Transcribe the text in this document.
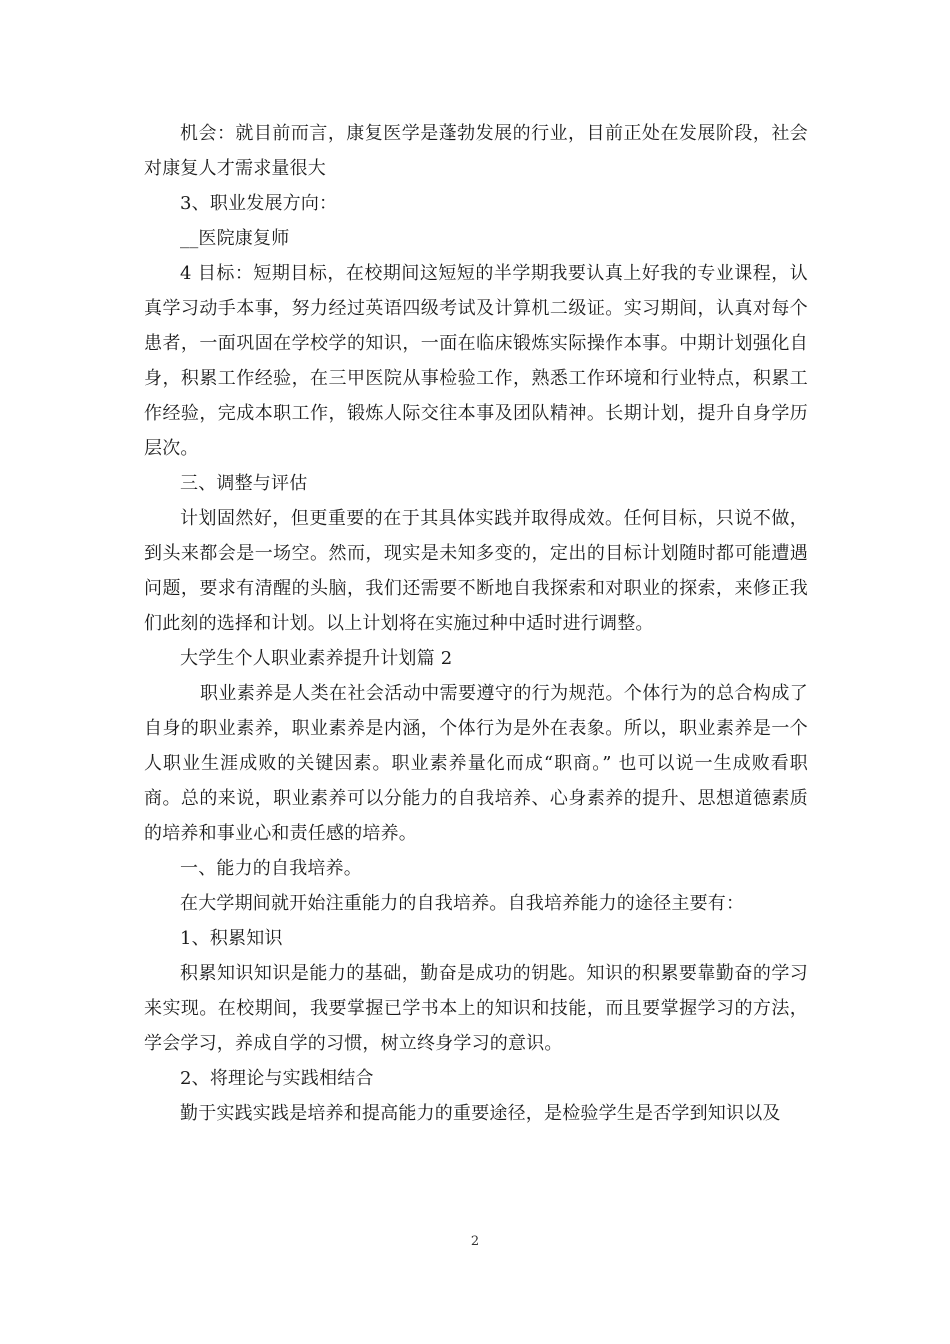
机会：就目前而言，康复医学是蓬勃发展的行业，目前正处在发展阶段，社会对康复人才需求量很大

3、职业发展方向：

__医院康复师

4 目标：短期目标，在校期间这短短的半学期我要认真上好我的专业课程，认真学习动手本事，努力经过英语四级考试及计算机二级证。实习期间，认真对每个患者，一面巩固在学校学的知识，一面在临床锻炼实际操作本事。中期计划强化自身，积累工作经验，在三甲医院从事检验工作，熟悉工作环境和行业特点，积累工作经验，完成本职工作，锻炼人际交往本事及团队精神。长期计划，提升自身学历层次。

三、调整与评估

计划固然好，但更重要的在于其具体实践并取得成效。任何目标，只说不做，到头来都会是一场空。然而，现实是未知多变的，定出的目标计划随时都可能遭遇问题，要求有清醒的头脑，我们还需要不断地自我探索和对职业的探索，来修正我们此刻的选择和计划。以上计划将在实施过种中适时进行调整。

大学生个人职业素养提升计划篇 2

职业素养是人类在社会活动中需要遵守的行为规范。个体行为的总合构成了自身的职业素养，职业素养是内涵，个体行为是外在表象。所以，职业素养是一个人职业生涯成败的关键因素。职业素养量化而成“职商。” 也可以说一生成败看职商。总的来说，职业素养可以分能力的自我培养、心身素养的提升、思想道德素质的培养和事业心和责任感的培养。

一、能力的自我培养。

在大学期间就开始注重能力的自我培养。自我培养能力的途径主要有：

1、积累知识

积累知识知识是能力的基础，勤奋是成功的钥匙。知识的积累要靠勤奋的学习来实现。在校期间，我要掌握已学书本上的知识和技能，而且要掌握学习的方法，学会学习，养成自学的习惯，树立终身学习的意识。

2、将理论与实践相结合

勤于实践实践是培养和提高能力的重要途径，是检验学生是否学到知识以及

2
